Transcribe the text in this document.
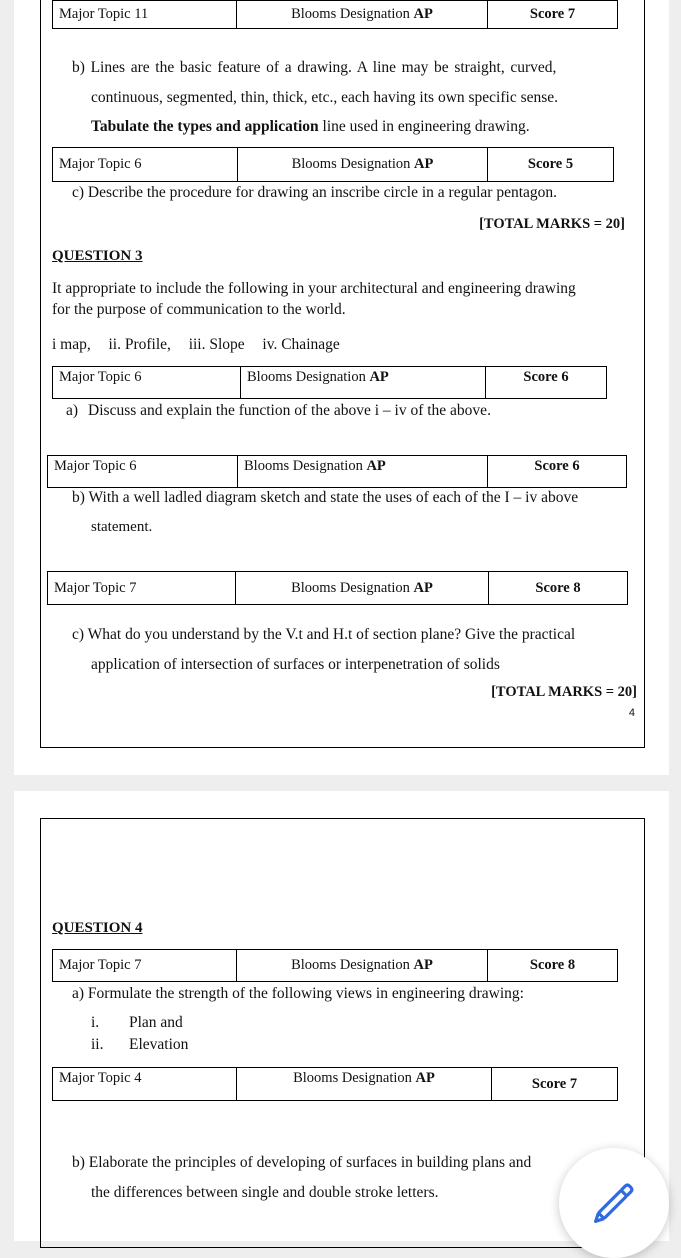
Major Topic 11	Blooms Designation AP	Score 7
b) Lines are the basic feature of a drawing. A line may be straight, curved,
continuous, segmented, thin, thick, etc., each having its own specific sense.
Tabulate the types and application line used in engineering drawing.
Major Topic 6	Blooms Designation AP	Score 5
c) Describe the procedure for drawing an inscribe circle in a regular pentagon.
[TOTAL MARKS = 20]
QUESTION 3
It appropriate to include the following in your architectural and engineering drawing
for the purpose of communication to the world.
i map, ii. Profile, iii. Slope iv. Chainage
Major Topic 6	Blooms Designation AP	Score 6
a) Discuss and explain the function of the above i – iv of the above.
Major Topic 6	Blooms Designation AP	Score 6
b) With a well ladled diagram sketch and state the uses of each of the I – iv above
statement.
Major Topic 7	Blooms Designation AP	Score 8
c) What do you understand by the V.t and H.t of section plane? Give the practical
application of intersection of surfaces or interpenetration of solids
[TOTAL MARKS = 20]
4
QUESTION 4
Major Topic 7	Blooms Designation AP	Score 8
a) Formulate the strength of the following views in engineering drawing:
i. Plan and
ii. Elevation
Major Topic 4	Blooms Designation AP	Score 7
b) Elaborate the principles of developing of surfaces in building plans and
the differences between single and double stroke letters.
